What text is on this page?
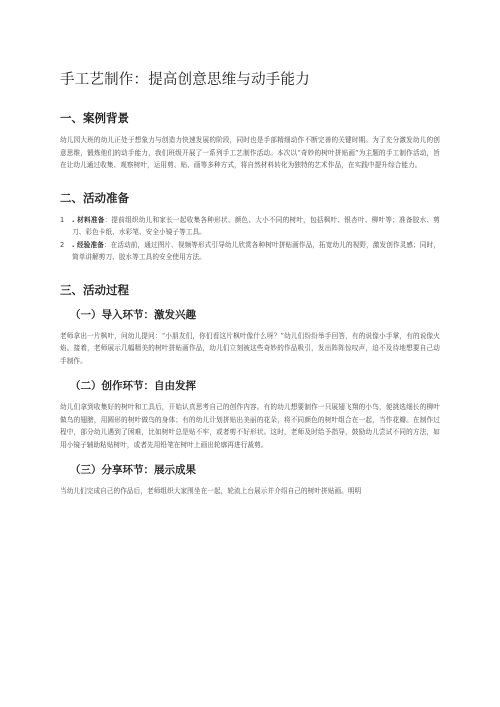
手工艺制作：提高创意思维与动手能力
一、案例背景

幼儿园大班的幼儿正处于想象力与创造力快速发展的阶段，同时也是手部精细动作不断完善的关键时期。为了充分激发幼儿的创意思维，锻炼他们的动手能力，我们班级开展了一系列手工艺制作活动。本次以“奇妙的树叶拼贴画”为主题的手工制作活动，旨在让幼儿通过收集、观察树叶，运用剪、贴、画等多种方式，将自然材料转化为独特的艺术作品，在实践中提升综合能力。

二、活动准备
1 . 材料准备：提前组织幼儿和家长一起收集各种形状、颜色、大小不同的树叶，包括枫叶、银杏叶、柳叶等；准备胶水、剪刀、彩色卡纸、水彩笔、安全小镜子等工具。
2 . 经验准备：在活动前，通过图片、视频等形式引导幼儿欣赏各种树叶拼贴画作品，拓宽幼儿的视野，激发创作灵感；同时，简单讲解剪刀、胶水等工具的安全使用方法。
三、活动过程
（一）导入环节：激发兴趣

老师拿出一片枫叶，问幼儿提问：“小朋友们，你们看这片枫叶像什么呀？”幼儿们纷纷举手回答，有的说像小手掌，有的说像火焰。接着，老师展示几幅精美的树叶拼贴画作品，幼儿们立刻被这些奇妙的作品吸引，发出阵阵惊叹声，迫不及待地想要自己动手制作。

（二）创作环节：自由发挥

幼儿们拿到收集好的树叶和工具后，开始认真思考自己的创作内容。有的幼儿想要制作一只展翅飞翔的小鸟，便挑选细长的柳叶做鸟的翅膀，用圆形的树叶做鸟的身体；有的幼儿计划拼贴出美丽的花朵，将不同颜色的树叶组合在一起，当作花瓣。在制作过程中，部分幼儿遇到了困难，比如树叶总是贴不牢，或者剪不好形状。这时，老师及时给予指导，鼓励幼儿尝试不同的方法，如用小镜子辅助粘贴树叶，或者先用铅笔在树叶上画出轮廓再进行裁剪。

（三）分享环节：展示成果

当幼儿们完成自己的作品后，老师组织大家围坐在一起，轮流上台展示并介绍自己的树叶拼贴画。明明
